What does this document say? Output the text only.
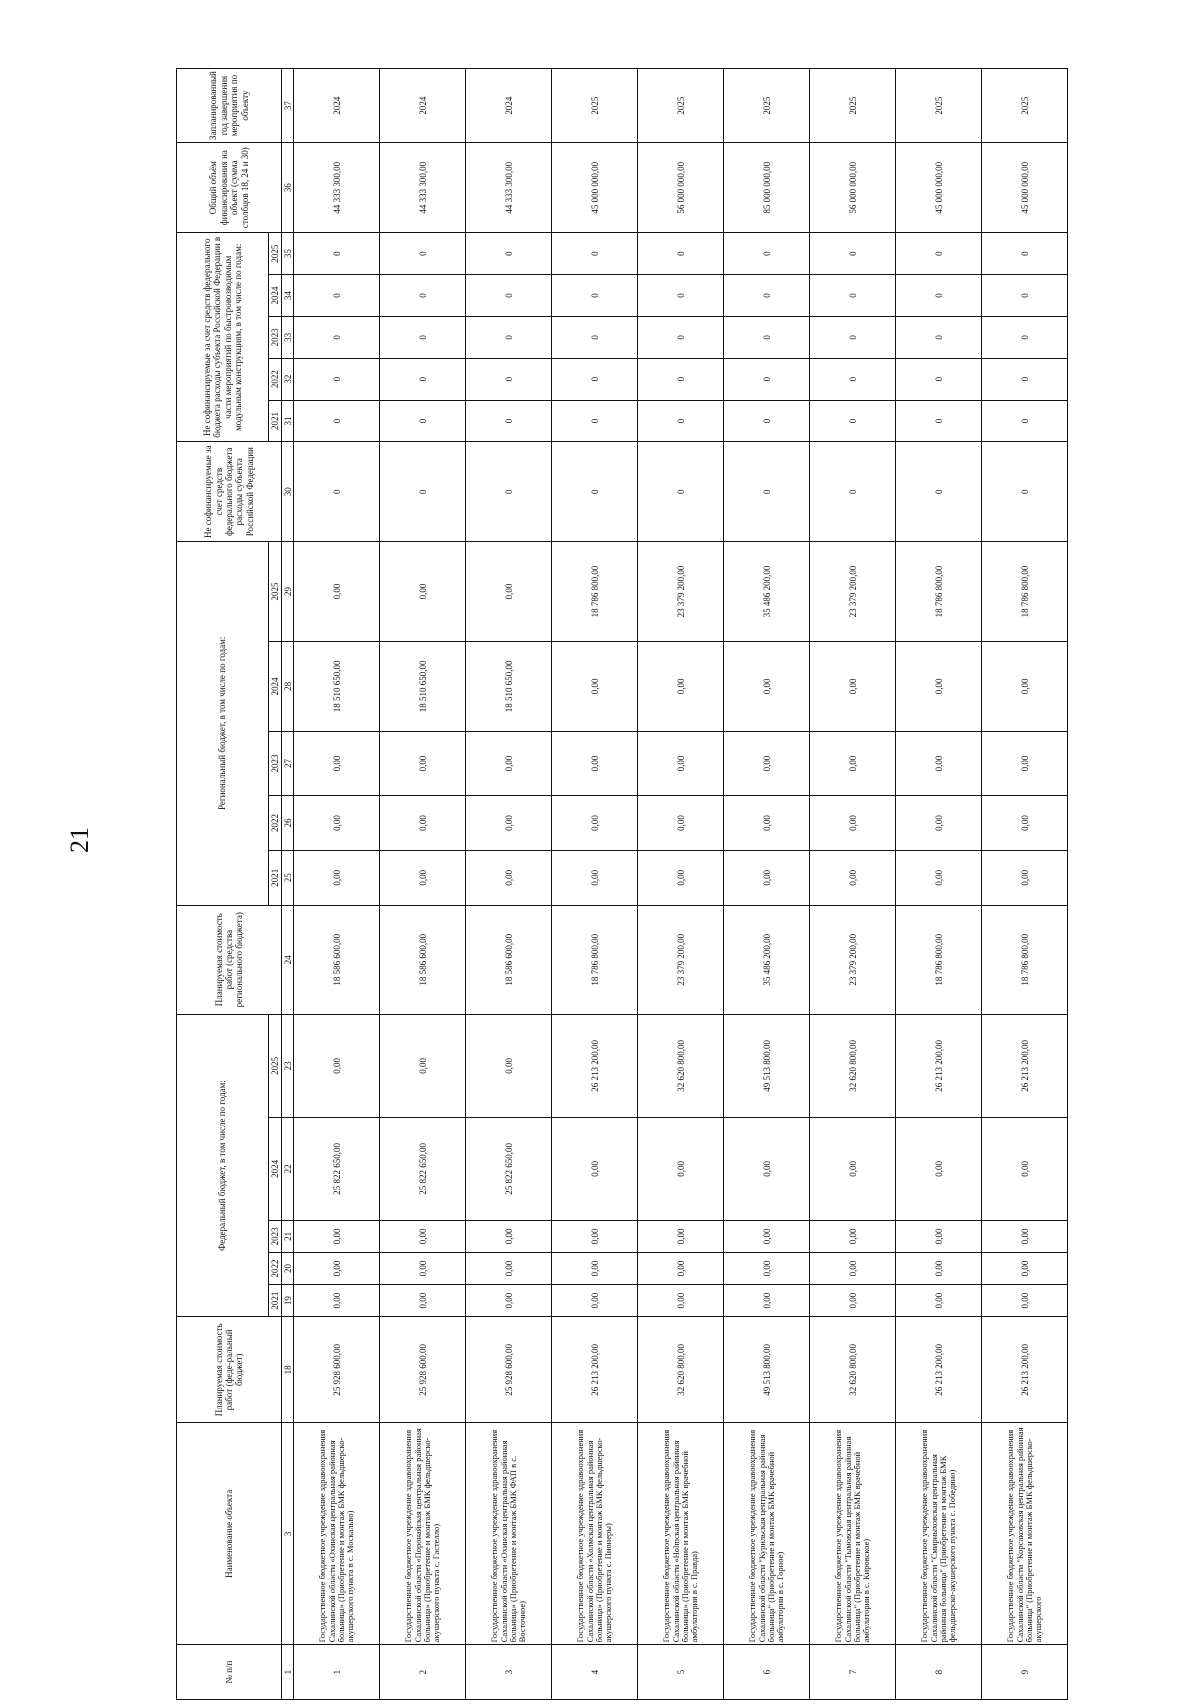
21
№ п/п	Наименование объекта	Планируемая стоимость работ (феде-ральный бюджет)	Федеральный бюджет, в том числе по годам:					Планируемая стоимость работ (средства регионального бюджета)	Региональный бюджет, в том числе по годам:					Не софинансируемые за счет средств федерального бюджета расходы субъекта Российской Федерации	Не софинансируемые за счет средств федерального бюджета расходы субъекта Российской Федерации в части мероприятий по быстровозводимым модульным конструкциям, в том числе по годам:					Общий объём финансирования на объект (сумма столбцов 18, 24 и 30)	Запланированный год завершения мероприятия по объекту
			2021	2022	2023	2024	2025		2021	2022	2023	2024	2025		2021	2022	2023	2024	2025		
1	3	18	19	20	21	22	23	24	25	26	27	28	29	30	31	32	33	34	35	36	37
1	Государственное бюджетное учреждение здравоохранения Сахалинской области «Охинская центральная районная больница» (Приобретение и монтаж БМК фельдшерско-акушерского пункта в с. Москальво)	25 928 600,00	0,00	0,00	0,00	25 822 650,00	0,00	18 586 600,00	0,00	0,00	0,00	18 510 650,00	0,00	0	0	0	0	0	0	44 333 300,00	2024
2	Государственное бюджетное учреждение здравоохранения Сахалинской области «Поронайская центральная районная больница» (Приобретение и монтаж БМК фельдшерско-акушерского пункта с. Гастелло)	25 928 600,00	0,00	0,00	0,00	25 822 650,00	0,00	18 586 600,00	0,00	0,00	0,00	18 510 650,00	0,00	0	0	0	0	0	0	44 333 300,00	2024
3	Государственное бюджетное учреждение здравоохранения Сахалинской области «Охинская центральная районная больница» (Приобретение и монтаж БМК ФАП в с. Восточное)	25 928 600,00	0,00	0,00	0,00	25 822 650,00	0,00	18 586 600,00	0,00	0,00	0,00	18 510 650,00	0,00	0	0	0	0	0	0	44 333 300,00	2024
4	Государственное бюджетное учреждение здравоохранения Сахалинской области «Холмская центральная районная больница» (Приобретение и монтаж БМК фельдшерско-акушерского пункта с. Пионеры)	26 213 200,00	0,00	0,00	0,00	0,00	26 213 200,00	18 786 800,00	0,00	0,00	0,00	0,00	18 786 800,00	0	0	0	0	0	0	45 000 000,00	2025
5	Государственное бюджетное учреждение здравоохранения Сахалинской области «Holmская центральная районная больница» (Приобретение и монтаж БМК врачебной амбулатории в с. Правда)	32 620 800,00	0,00	0,00	0,00	0,00	32 620 800,00	23 379 200,00	0,00	0,00	0,00	0,00	23 379 200,00	0	0	0	0	0	0	56 000 000,00	2025
6	Государственное бюджетное учреждение здравоохранения Сахалинской области "Курильская центральная районная больница" (Приобретение и монтаж БМК врачебной амбулатории в с. Горное)	49 513 800,00	0,00	0,00	0,00	0,00	49 513 800,00	35 486 200,00	0,00	0,00	0,00	0,00	35 486 200,00	0	0	0	0	0	0	85 000 000,00	2025
7	Государственное бюджетное учреждение здравоохранения Сахалинской области "Тымовская центральная районная больница" (Приобретение и монтаж БМК врачебной амбулатории в с. Кировское)	32 620 800,00	0,00	0,00	0,00	0,00	32 620 800,00	23 379 200,00	0,00	0,00	0,00	0,00	23 379 200,00	0	0	0	0	0	0	56 000 000,00	2025
8	Государственное бюджетное учреждение здравоохранения Сахалинской области "Смирныховская центральная районная больница" (Приобретение и монтаж БМК фельдшерско-акушерского пункта с. Победино)	26 213 200,00	0,00	0,00	0,00	0,00	26 213 200,00	18 786 800,00	0,00	0,00	0,00	0,00	18 786 800,00	0	0	0	0	0	0	45 000 000,00	2025
9	Государственное бюджетное учреждение здравоохранения Сахалинской области "Корсаковская центральная районная больница" (Приобретение и монтаж БМК фельдшерско-акушерского	26 213 200,00	0,00	0,00	0,00	0,00	26 213 200,00	18 786 800,00	0,00	0,00	0,00	0,00	18 786 800,00	0	0	0	0	0	0	45 000 000,00	2025
